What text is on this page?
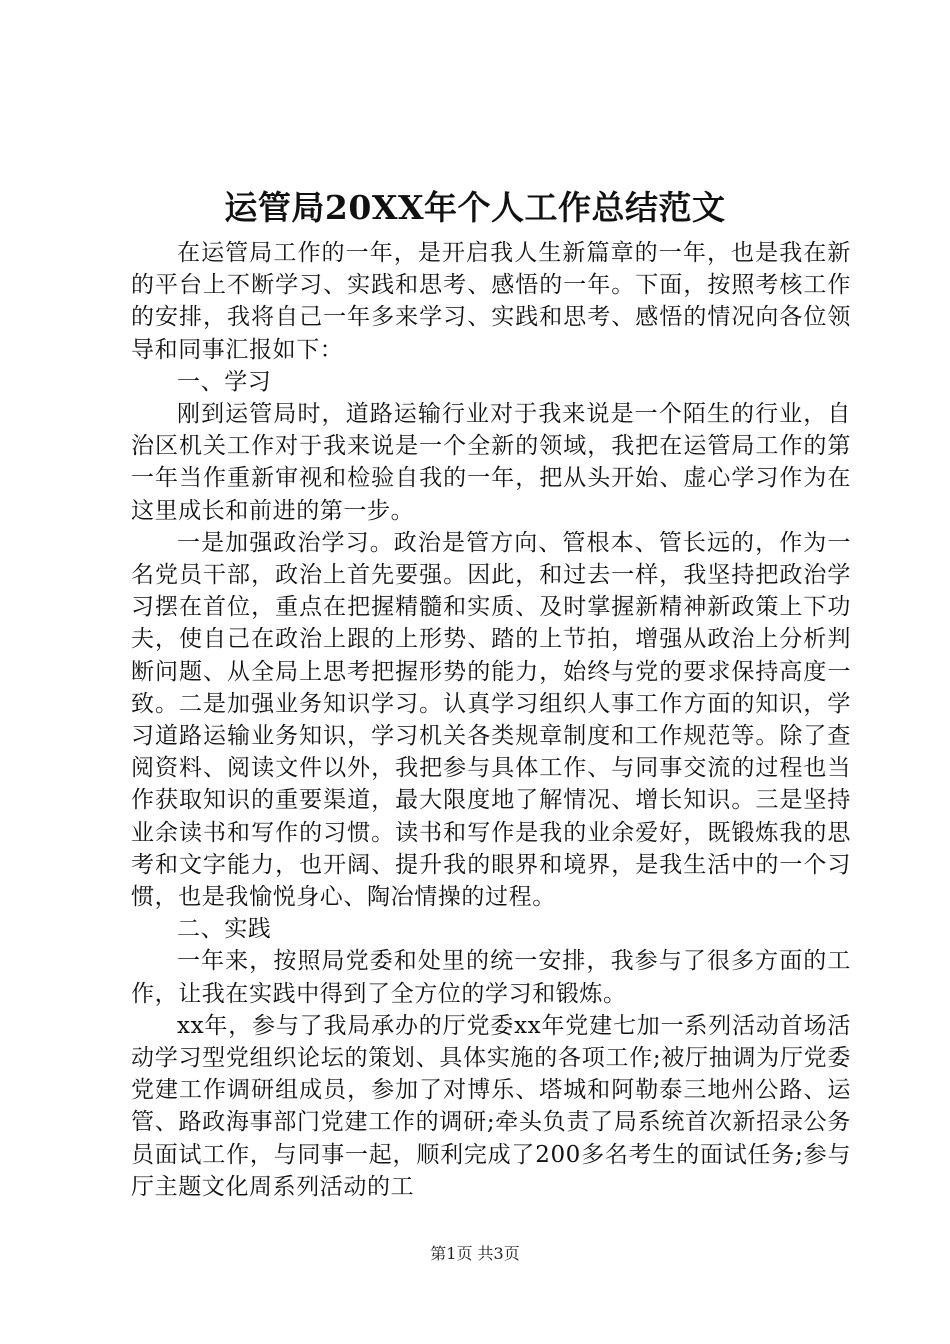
运管局20XX年个人工作总结范文

在运管局工作的一年，是开启我人生新篇章的一年，也是我在新的平台上不断学习、实践和思考、感悟的一年。下面，按照考核工作的安排，我将自己一年多来学习、实践和思考、感悟的情况向各位领导和同事汇报如下：

一、学习

刚到运管局时，道路运输行业对于我来说是一个陌生的行业，自治区机关工作对于我来说是一个全新的领域，我把在运管局工作的第一年当作重新审视和检验自我的一年，把从头开始、虚心学习作为在这里成长和前进的第一步。

一是加强政治学习。政治是管方向、管根本、管长远的，作为一名党员干部，政治上首先要强。因此，和过去一样，我坚持把政治学习摆在首位，重点在把握精髓和实质、及时掌握新精神新政策上下功夫，使自己在政治上跟的上形势、踏的上节拍，增强从政治上分析判断问题、从全局上思考把握形势的能力，始终与党的要求保持高度一致。二是加强业务知识学习。认真学习组织人事工作方面的知识，学习道路运输业务知识，学习机关各类规章制度和工作规范等。除了查阅资料、阅读文件以外，我把参与具体工作、与同事交流的过程也当作获取知识的重要渠道，最大限度地了解情况、增长知识。三是坚持业余读书和写作的习惯。读书和写作是我的业余爱好，既锻炼我的思考和文字能力，也开阔、提升我的眼界和境界，是我生活中的一个习惯，也是我愉悦身心、陶冶情操的过程。

二、实践

一年来，按照局党委和处里的统一安排，我参与了很多方面的工作，让我在实践中得到了全方位的学习和锻炼。

xx年，参与了我局承办的厅党委xx年党建七加一系列活动首场活动学习型党组织论坛的策划、具体实施的各项工作;被厅抽调为厅党委党建工作调研组成员，参加了对博乐、塔城和阿勒泰三地州公路、运管、路政海事部门党建工作的调研;牵头负责了局系统首次新招录公务员面试工作，与同事一起，顺利完成了200多名考生的面试任务;参与厅主题文化周系列活动的工

第1页 共3页
